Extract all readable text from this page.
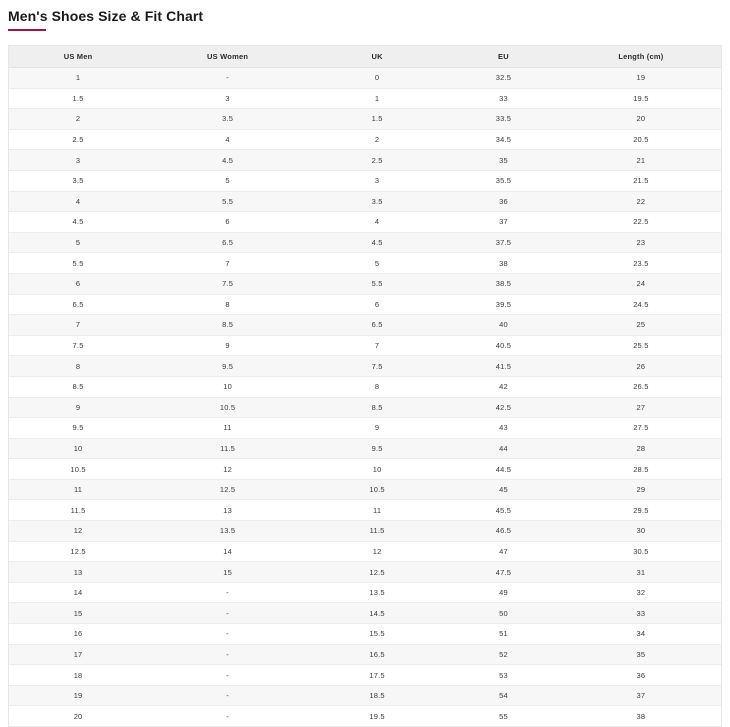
Men's Shoes Size & Fit Chart
US Men	US Women	UK	EU	Length (cm)
1	-	0	32.5	19
1.5	3	1	33	19.5
2	3.5	1.5	33.5	20
2.5	4	2	34.5	20.5
3	4.5	2.5	35	21
3.5	5	3	35.5	21.5
4	5.5	3.5	36	22
4.5	6	4	37	22.5
5	6.5	4.5	37.5	23
5.5	7	5	38	23.5
6	7.5	5.5	38.5	24
6.5	8	6	39.5	24.5
7	8.5	6.5	40	25
7.5	9	7	40.5	25.5
8	9.5	7.5	41.5	26
8.5	10	8	42	26.5
9	10.5	8.5	42.5	27
9.5	11	9	43	27.5
10	11.5	9.5	44	28
10.5	12	10	44.5	28.5
11	12.5	10.5	45	29
11.5	13	11	45.5	29.5
12	13.5	11.5	46.5	30
12.5	14	12	47	30.5
13	15	12.5	47.5	31
14	-	13.5	49	32
15	-	14.5	50	33
16	-	15.5	51	34
17	-	16.5	52	35
18	-	17.5	53	36
19	-	18.5	54	37
20	-	19.5	55	38
